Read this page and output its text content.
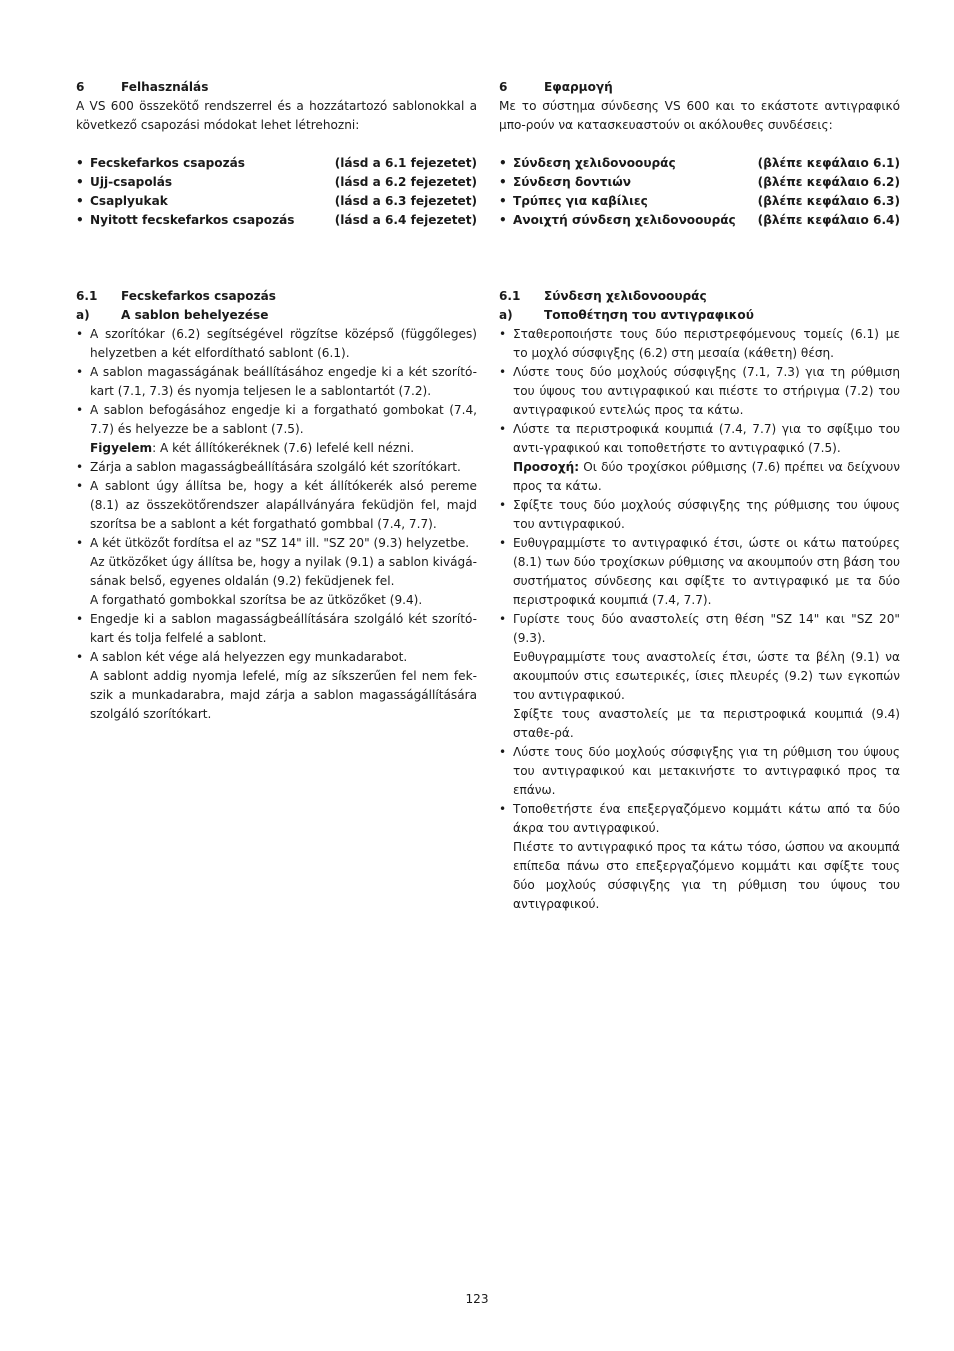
6	Felhasználás

A VS 600 összekötő rendszerrel és a hozzátartozó sablonokkal a következő csapozási módokat lehet létrehozni:

• Fecskefarkos csapozás	(lásd a 6.1 fejezetet)
• Ujj-csapolás	(lásd a 6.2 fejezetet)
• Csaplyukak	(lásd a 6.3 fejezetet)
• Nyitott fecskefarkos csapozás	(lásd a 6.4 fejezetet)
6.1	Fecskefarkos csapozás
a)	A sablon behelyezése
• A szorítókar (6.2) segítségével rögzítse középső (függőleges) helyzetben a két elfordítható sablont (6.1).
• A sablon magasságának beállításához engedje ki a két szorító-kart (7.1, 7.3) és nyomja teljesen le a sablontartót (7.2).
• A sablon befogásához engedje ki a forgatható gombokat (7.4, 7.7) és helyezze be a sablont (7.5).
Figyelem: A két állítókeréknek (7.6) lefelé kell nézni.
• Zárja a sablon magasságbeállítására szolgáló két szorítókart.
• A sablont úgy állítsa be, hogy a két állítókerék alsó pereme (8.1) az összekötőrendszer alapállványára feküdjön fel, majd szorítsa be a sablont a két forgatható gombbal (7.4, 7.7).
• A két ütközőt fordítsa el az "SZ 14" ill. "SZ 20" (9.3) helyzetbe.
Az ütközőket úgy állítsa be, hogy a nyilak (9.1) a sablon kivágá-sának belső, egyenes oldalán (9.2) feküdjenek fel.
A forgatható gombokkal szorítsa be az ütközőket (9.4).
• Engedje ki a sablon magasságbeállítására szolgáló két szorító-kart és tolja felfelé a sablont.
• A sablon két vége alá helyezzen egy munkadarabot.
A sablont addig nyomja lefelé, míg az síkszerűen fel nem fek-szik a munkadarabra, majd zárja a sablon magasságállítására szolgáló szorítókart.
6	Εφαρμογή

Με το σύστημα σύνδεσης VS 600 και το εκάστοτε αντιγραφικό μπο-ρούν να κατασκευαστούν οι ακόλουθες συνδέσεις:

• Σύνδεση χελιδονοουράς	(βλέπε κεφάλαιο 6.1)
• Σύνδεση δοντιών	(βλέπε κεφάλαιο 6.2)
• Τρύπες για καβίλιες	(βλέπε κεφάλαιο 6.3)
• Ανοιχτή σύνδεση χελιδονοουράς	(βλέπε κεφάλαιο 6.4)
6.1	Σύνδεση χελιδονοουράς
a)	Τοποθέτηση του αντιγραφικού
• Σταθεροποιήστε τους δύο περιστρεφόμενους τομείς (6.1) με το μοχλό σύσφιγξης (6.2) στη μεσαία (κάθετη) θέση.
• Λύστε τους δύο μοχλούς σύσφιγξης (7.1, 7.3) για τη ρύθμιση του ύψους του αντιγραφικού και πιέστε το στήριγμα (7.2) του αντιγραφικού εντελώς προς τα κάτω.
• Λύστε τα περιστροφικά κουμπιά (7.4, 7.7) για το σφίξιμο του αντι-γραφικού και τοποθετήστε το αντιγραφικό (7.5).
Προσοχή: Οι δύο τροχίσκοι ρύθμισης (7.6) πρέπει να δείχνουν προς τα κάτω.
• Σφίξτε τους δύο μοχλούς σύσφιγξης της ρύθμισης του ύψους του αντιγραφικού.
• Ευθυγραμμίστε το αντιγραφικό έτσι, ώστε οι κάτω πατούρες (8.1) των δύο τροχίσκων ρύθμισης να ακουμπούν στη βάση του συστήματος σύνδεσης και σφίξτε το αντιγραφικό με τα δύο περιστροφικά κουμπιά (7.4, 7.7).
• Γυρίστε τους δύο αναστολείς στη θέση "SZ 14" και "SZ 20" (9.3).
Ευθυγραμμίστε τους αναστολείς έτσι, ώστε τα βέλη (9.1) να ακουμπούν στις εσωτερικές, ίσιες πλευρές (9.2) των εγκοπών του αντιγραφικού.
Σφίξτε τους αναστολείς με τα περιστροφικά κουμπιά (9.4) σταθε-ρά.
• Λύστε τους δύο μοχλούς σύσφιγξης για τη ρύθμιση του ύψους του αντιγραφικού και μετακινήστε το αντιγραφικό προς τα επάνω.
• Τοποθετήστε ένα επεξεργαζόμενο κομμάτι κάτω από τα δύο άκρα του αντιγραφικού.
Πιέστε το αντιγραφικό προς τα κάτω τόσο, ώσπου να ακουμπά επίπεδα πάνω στο επεξεργαζόμενο κομμάτι και σφίξτε τους δύο μοχλούς σύσφιγξης για τη ρύθμιση του ύψους του αντιγραφικού.
123
